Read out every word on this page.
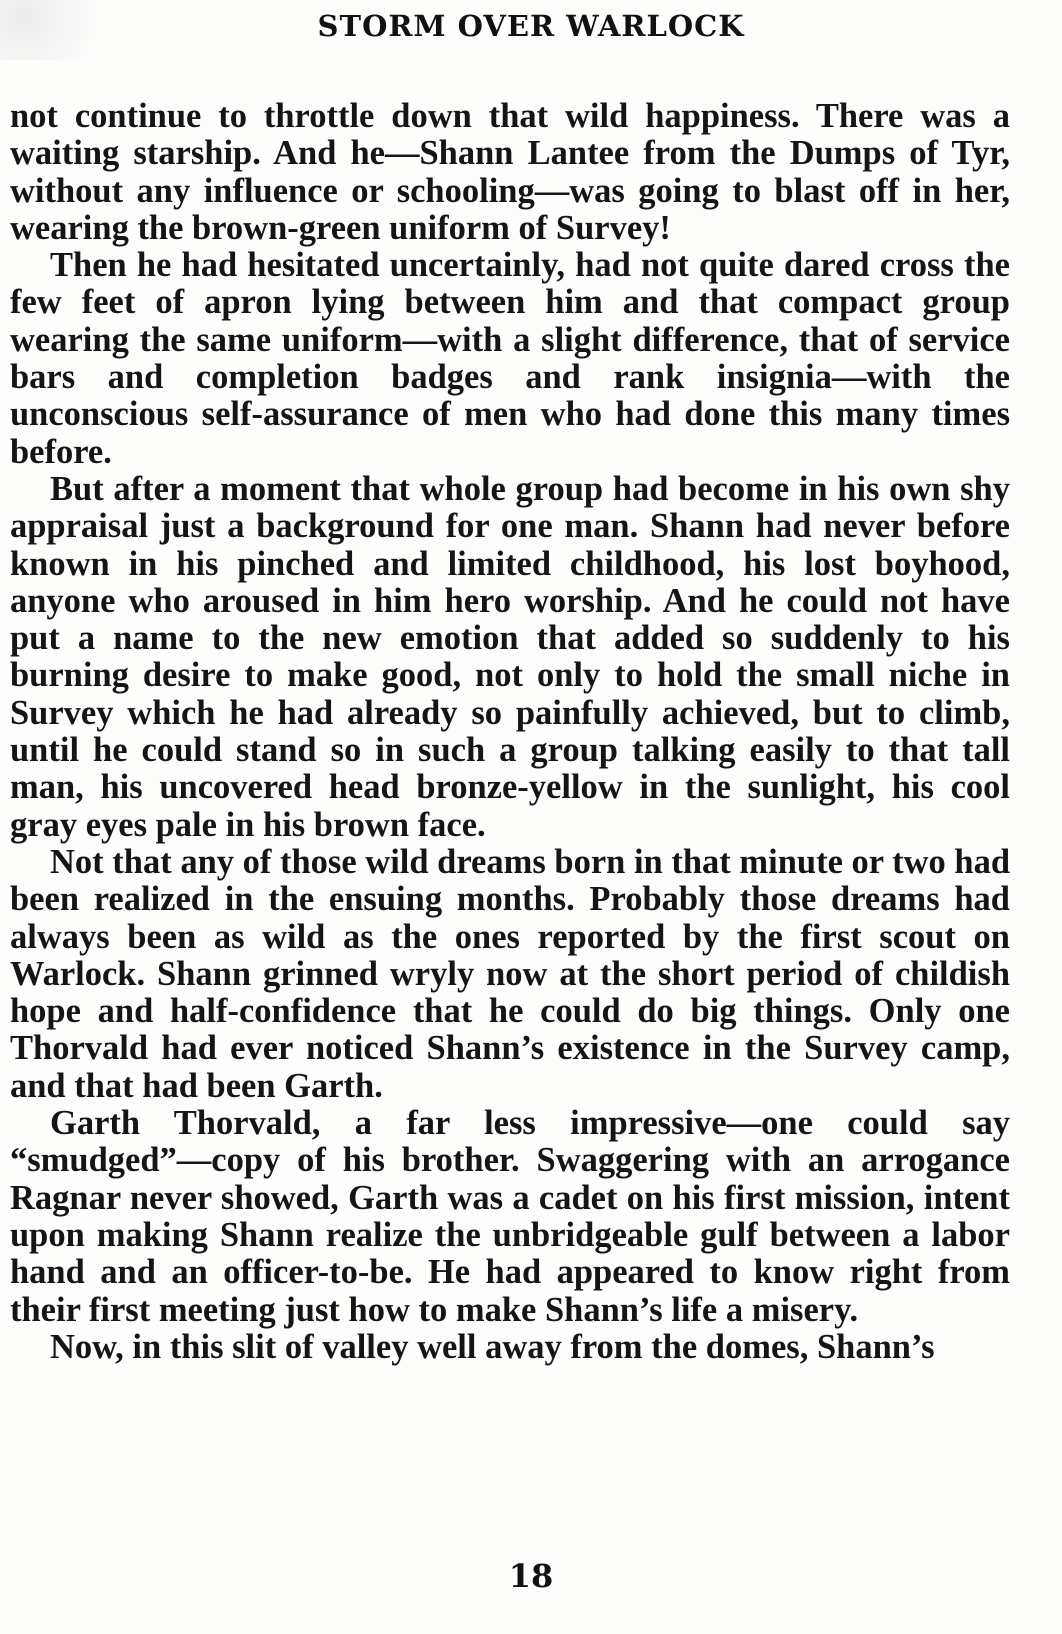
STORM OVER WARLOCK

not continue to throttle down that wild happiness. There was a waiting starship. And he—Shann Lantee from the Dumps of Tyr, without any influence or schooling—was going to blast off in her, wearing the brown-green uniform of Survey!

Then he had hesitated uncertainly, had not quite dared cross the few feet of apron lying between him and that compact group wearing the same uniform—with a slight difference, that of service bars and completion badges and rank insignia—with the unconscious self-assurance of men who had done this many times before.

But after a moment that whole group had become in his own shy appraisal just a background for one man. Shann had never before known in his pinched and limited childhood, his lost boyhood, anyone who aroused in him hero worship. And he could not have put a name to the new emotion that added so suddenly to his burning desire to make good, not only to hold the small niche in Survey which he had already so painfully achieved, but to climb, until he could stand so in such a group talking easily to that tall man, his uncovered head bronze-yellow in the sunlight, his cool gray eyes pale in his brown face.

Not that any of those wild dreams born in that minute or two had been realized in the ensuing months. Probably those dreams had always been as wild as the ones reported by the first scout on Warlock. Shann grinned wryly now at the short period of childish hope and half-confidence that he could do big things. Only one Thorvald had ever noticed Shann’s existence in the Survey camp, and that had been Garth.

Garth Thorvald, a far less impressive—one could say “smudged”—copy of his brother. Swaggering with an arrogance Ragnar never showed, Garth was a cadet on his first mission, intent upon making Shann realize the unbridgeable gulf between a labor hand and an officer-to-be. He had appeared to know right from their first meeting just how to make Shann’s life a misery.

Now, in this slit of valley well away from the domes, Shann’s

18
